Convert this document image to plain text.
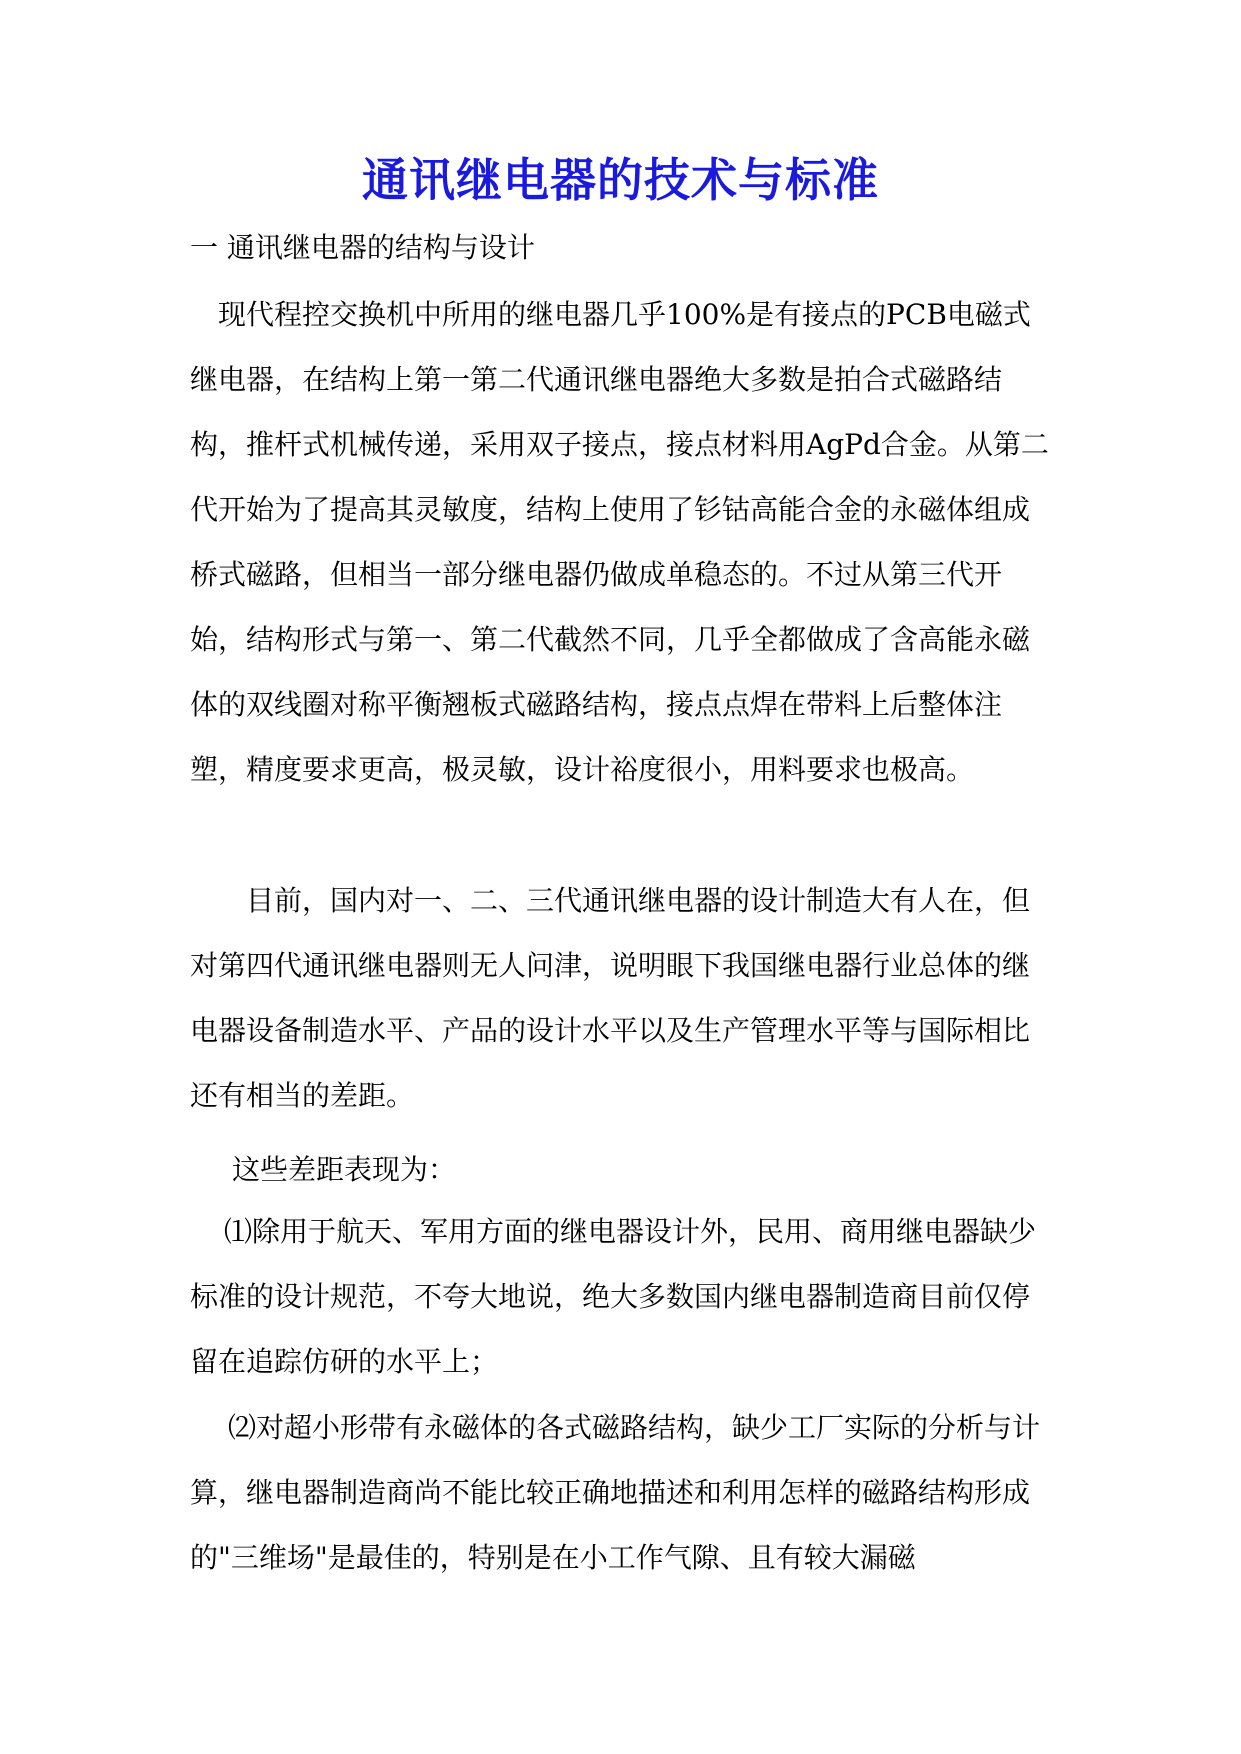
通讯继电器的技术与标准

一 通讯继电器的结构与设计

现代程控交换机中所用的继电器几乎100%是有接点的PCB电磁式继电器，在结构上第一第二代通讯继电器绝大多数是拍合式磁路结构，推杆式机械传递，采用双子接点，接点材料用AgPd合金。从第二代开始为了提高其灵敏度，结构上使用了钐钴高能合金的永磁体组成桥式磁路，但相当一部分继电器仍做成单稳态的。不过从第三代开始，结构形式与第一、第二代截然不同，几乎全都做成了含高能永磁体的双线圈对称平衡翘板式磁路结构，接点点焊在带料上后整体注塑，精度要求更高，极灵敏，设计裕度很小，用料要求也极高。

目前，国内对一、二、三代通讯继电器的设计制造大有人在，但对第四代通讯继电器则无人问津，说明眼下我国继电器行业总体的继电器设备制造水平、产品的设计水平以及生产管理水平等与国际相比还有相当的差距。

这些差距表现为：

⑴除用于航天、军用方面的继电器设计外，民用、商用继电器缺少标准的设计规范，不夸大地说，绝大多数国内继电器制造商目前仅停留在追踪仿研的水平上；

⑵对超小形带有永磁体的各式磁路结构，缺少工厂实际的分析与计算，继电器制造商尚不能比较正确地描述和利用怎样的磁路结构形成的"三维场"是最佳的，特别是在小工作气隙、且有较大漏磁
